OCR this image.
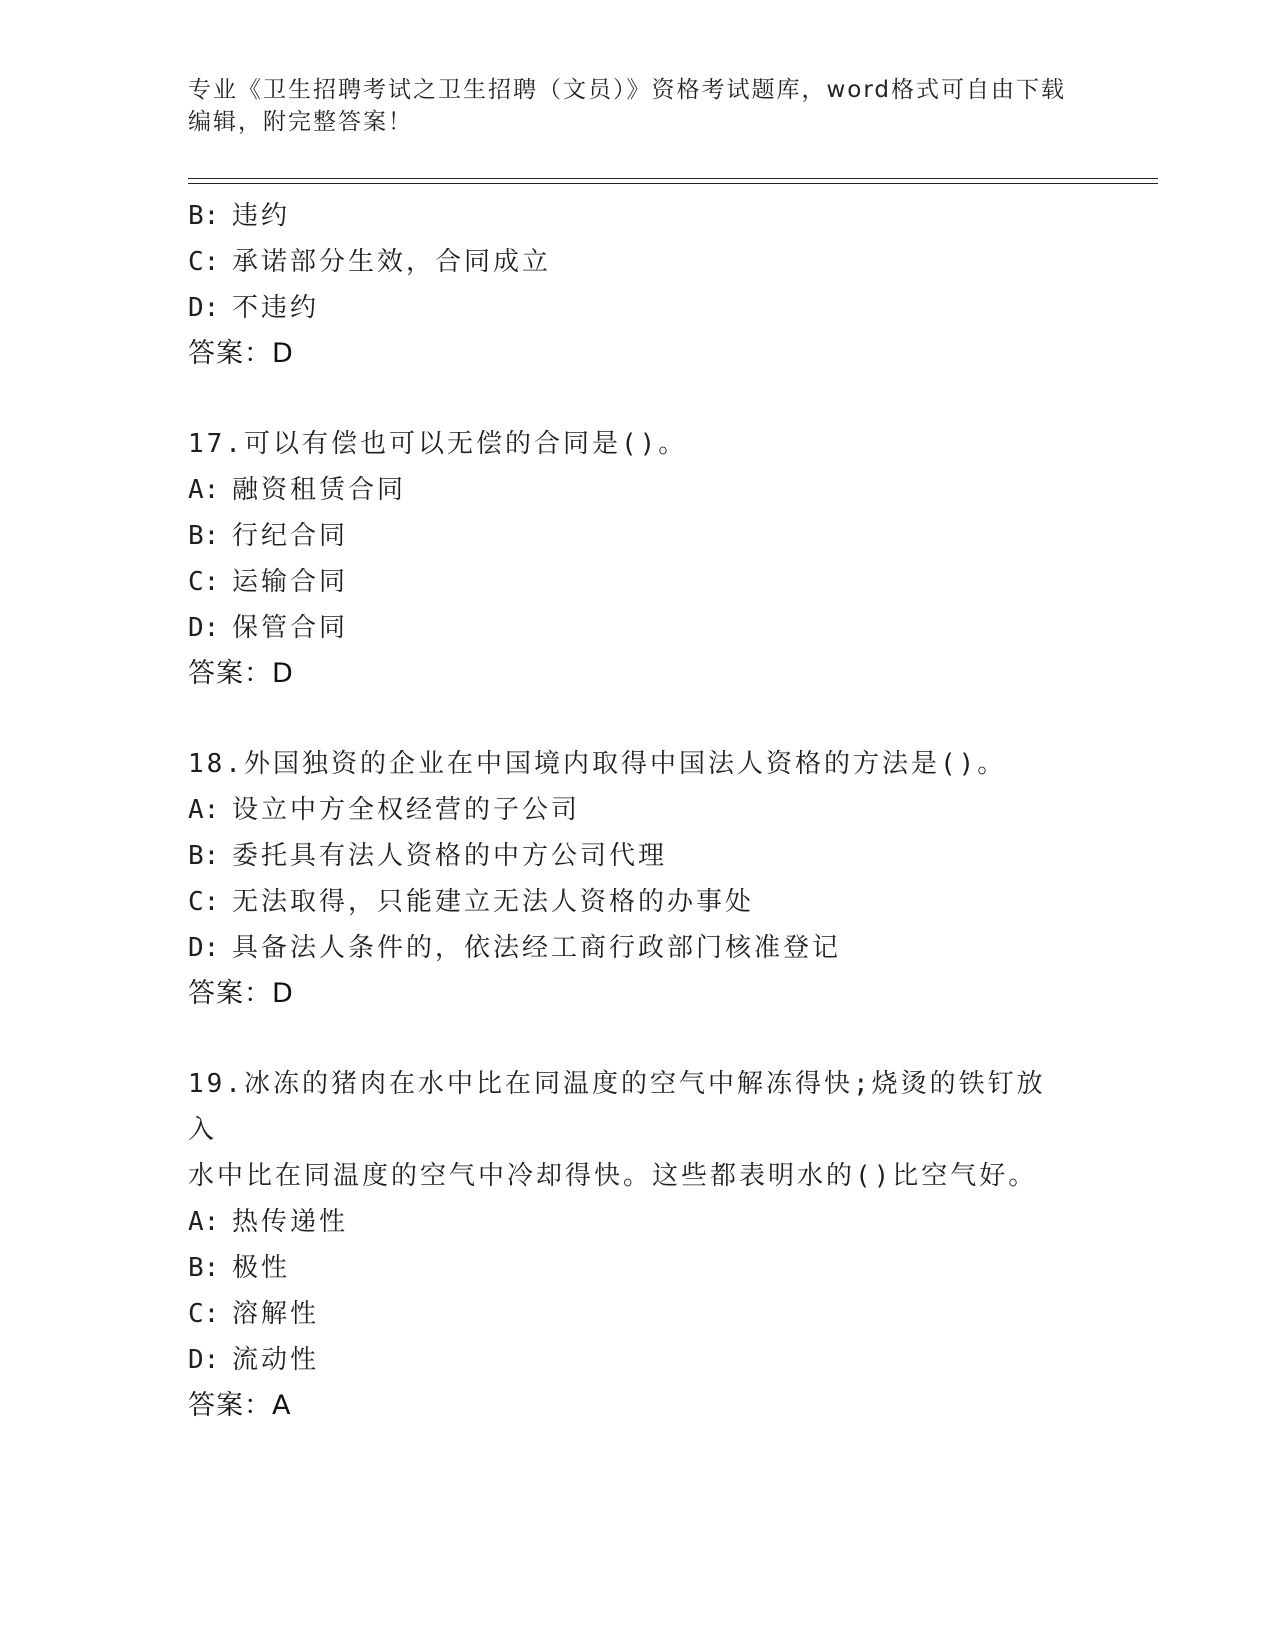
专业《卫生招聘考试之卫生招聘（文员）》资格考试题库，word格式可自由下载
编辑，附完整答案！
B: 违约
C: 承诺部分生效，合同成立
D: 不违约
答案：D
17.可以有偿也可以无偿的合同是()。
A: 融资租赁合同
B: 行纪合同
C: 运输合同
D: 保管合同
答案：D
18.外国独资的企业在中国境内取得中国法人资格的方法是()。
A: 设立中方全权经营的子公司
B: 委托具有法人资格的中方公司代理
C: 无法取得，只能建立无法人资格的办事处
D: 具备法人条件的，依法经工商行政部门核准登记
答案：D
19.冰冻的猪肉在水中比在同温度的空气中解冻得快;烧烫的铁钉放入
水中比在同温度的空气中冷却得快。这些都表明水的()比空气好。
A: 热传递性
B: 极性
C: 溶解性
D: 流动性
答案：A
